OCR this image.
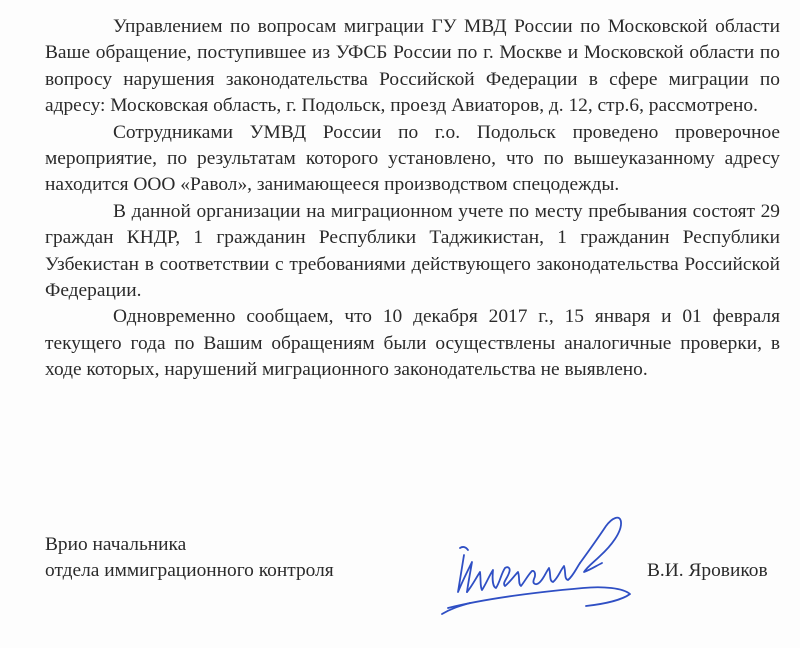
Управлением по вопросам миграции ГУ МВД России по Московской области Ваше обращение, поступившее из УФСБ России по г. Москве и Московской области по вопросу нарушения законодательства Российской Федерации в сфере миграции по адресу: Московская область, г. Подольск, проезд Авиаторов, д. 12, стр.6, рассмотрено.

Сотрудниками УМВД России по г.о. Подольск проведено проверочное мероприятие, по результатам которого установлено, что по вышеуказанному адресу находится ООО «Равол», занимающееся производством спецодежды.

В данной организации на миграционном учете по месту пребывания состоят 29 граждан КНДР, 1 гражданин Республики Таджикистан, 1 гражданин Республики Узбекистан в соответствии с требованиями действующего законодательства Российской Федерации.

Одновременно сообщаем, что 10 декабря 2017 г., 15 января и 01 февраля текущего года по Вашим обращениям были осуществлены аналогичные проверки, в ходе которых, нарушений миграционного законодательства не выявлено.

Врио начальника
отдела иммиграционного контроля	В.И. Яровиков
